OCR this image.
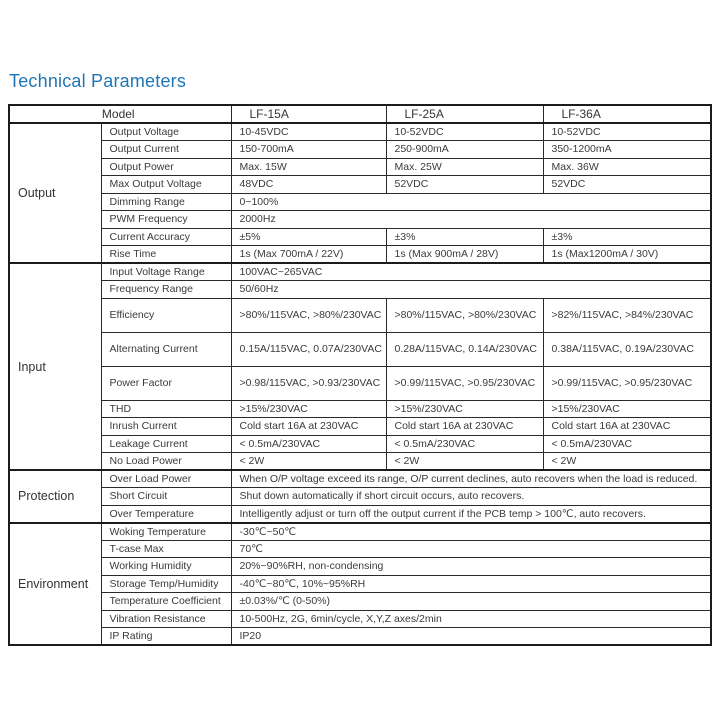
Technical Parameters
Model		LF-15A	LF-25A	LF-36A
Output	Output Voltage	10-45VDC	10-52VDC	10-52VDC
	Output Current	150-700mA	250-900mA	350-1200mA
	Output Power	Max. 15W	Max. 25W	Max. 36W
	Max Output Voltage	48VDC	52VDC	52VDC
	Dimming Range	0~100%		
	PWM Frequency	2000Hz		
	Current Accuracy	±5%	±3%	±3%
	Rise Time	1s (Max 700mA / 22V)	1s (Max 900mA / 28V)	1s (Max1200mA / 30V)
Input	Input Voltage Range	100VAC~265VAC		
	Frequency Range	50/60Hz		
	Efficiency	>80%/115VAC, >80%/230VAC	>80%/115VAC, >80%/230VAC	>82%/115VAC, >84%/230VAC
	Alternating Current	0.15A/115VAC, 0.07A/230VAC	0.28A/115VAC, 0.14A/230VAC	0.38A/115VAC, 0.19A/230VAC
	Power Factor	>0.98/115VAC, >0.93/230VAC	>0.99/115VAC, >0.95/230VAC	>0.99/115VAC, >0.95/230VAC
	THD	>15%/230VAC	>15%/230VAC	>15%/230VAC
	Inrush Current	Cold start 16A at 230VAC	Cold start 16A at 230VAC	Cold start 16A at 230VAC
	Leakage Current	< 0.5mA/230VAC	< 0.5mA/230VAC	< 0.5mA/230VAC
	No Load Power	< 2W	< 2W	< 2W
Protection	Over Load Power	When O/P voltage exceed its range, O/P current declines, auto recovers when the load is reduced.		
	Short Circuit	Shut down automatically if short circuit occurs, auto recovers.		
	Over Temperature	Intelligently adjust or turn off the output current if the PCB temp > 100℃, auto recovers.		
Environment	Woking Temperature	-30℃~50℃		
	T-case Max	70℃		
	Working Humidity	20%~90%RH, non-condensing		
	Storage Temp/Humidity	-40℃~80℃, 10%~95%RH		
	Temperature Coefficient	±0.03%/℃ (0-50%)		
	Vibration Resistance	10-500Hz, 2G, 6min/cycle, X,Y,Z axes/2min		
	IP Rating	IP20		
